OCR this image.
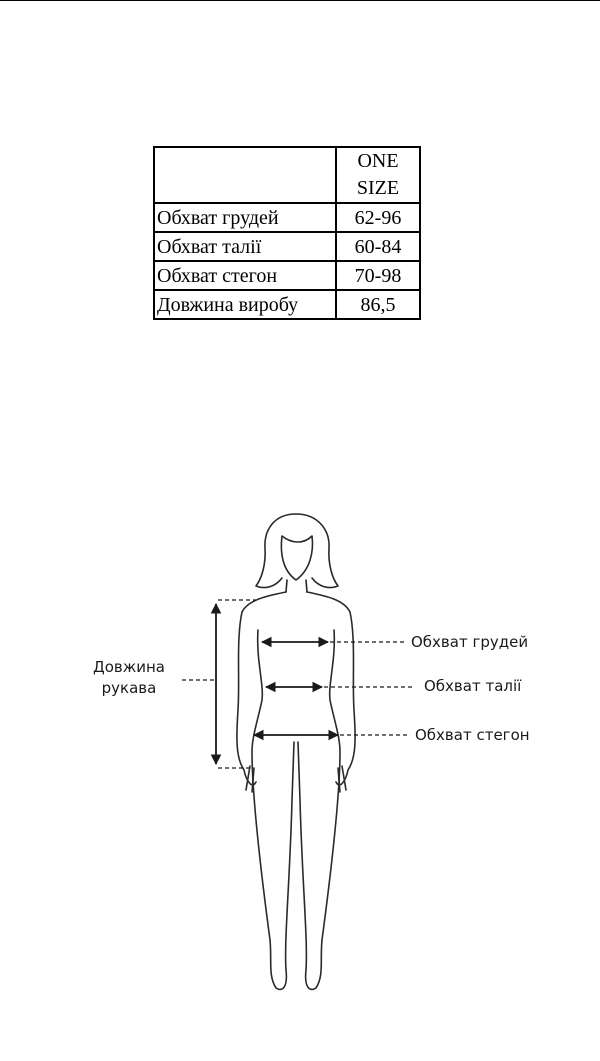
	ONE
SIZE

Обхват грудей	62-96
Обхват талії	60-84
Обхват стегон	70-98
Довжина виробу	86,5
Довжина
рукава
Обхват грудей
Обхват талії
Обхват стегон
